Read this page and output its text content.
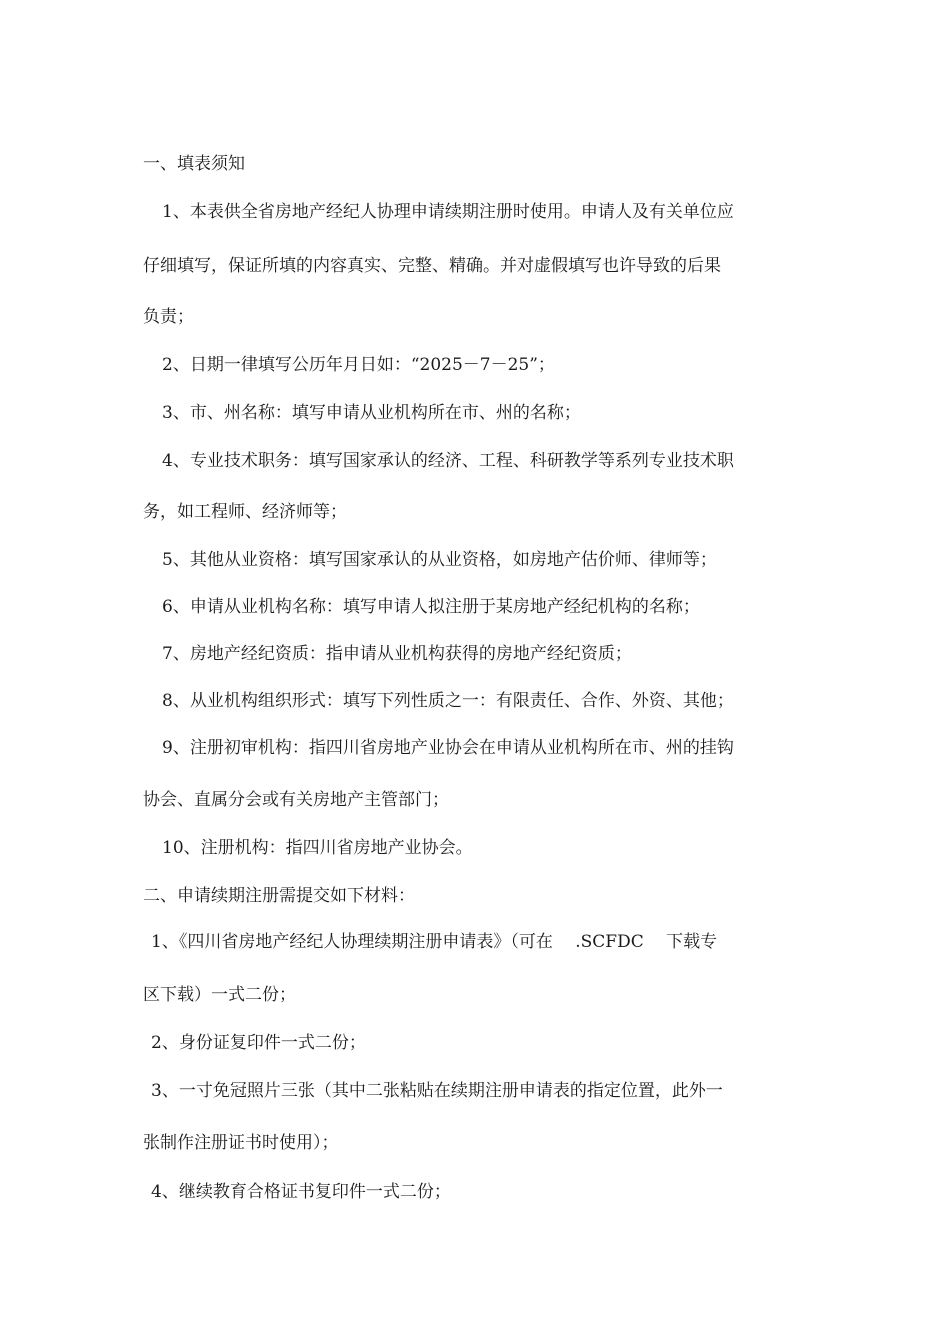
一、填表须知
1、本表供全省房地产经纪人协理申请续期注册时使用。申请人及有关单位应
仔细填写，保证所填的内容真实、完整、精确。并对虚假填写也许导致的后果
负责；
2、日期一律填写公历年月日如：“2025－7－25”；
3、市、州名称：填写申请从业机构所在市、州的名称；
4、专业技术职务：填写国家承认的经济、工程、科研教学等系列专业技术职
务，如工程师、经济师等；
5、其他从业资格：填写国家承认的从业资格，如房地产估价师、律师等；
6、申请从业机构名称：填写申请人拟注册于某房地产经纪机构的名称；
7、房地产经纪资质：指申请从业机构获得的房地产经纪资质；
8、从业机构组织形式：填写下列性质之一：有限责任、合作、外资、其他；
9、注册初审机构：指四川省房地产业协会在申请从业机构所在市、州的挂钩
协会、直属分会或有关房地产主管部门；
10、注册机构：指四川省房地产业协会。
二、申请续期注册需提交如下材料：
1、《四川省房地产经纪人协理续期注册申请表》（可在　 .SCFDC　 下载专
区下载）一式二份；
2、身份证复印件一式二份；
3、一寸免冠照片三张（其中二张粘贴在续期注册申请表的指定位置，此外一
张制作注册证书时使用）；
4、继续教育合格证书复印件一式二份；
